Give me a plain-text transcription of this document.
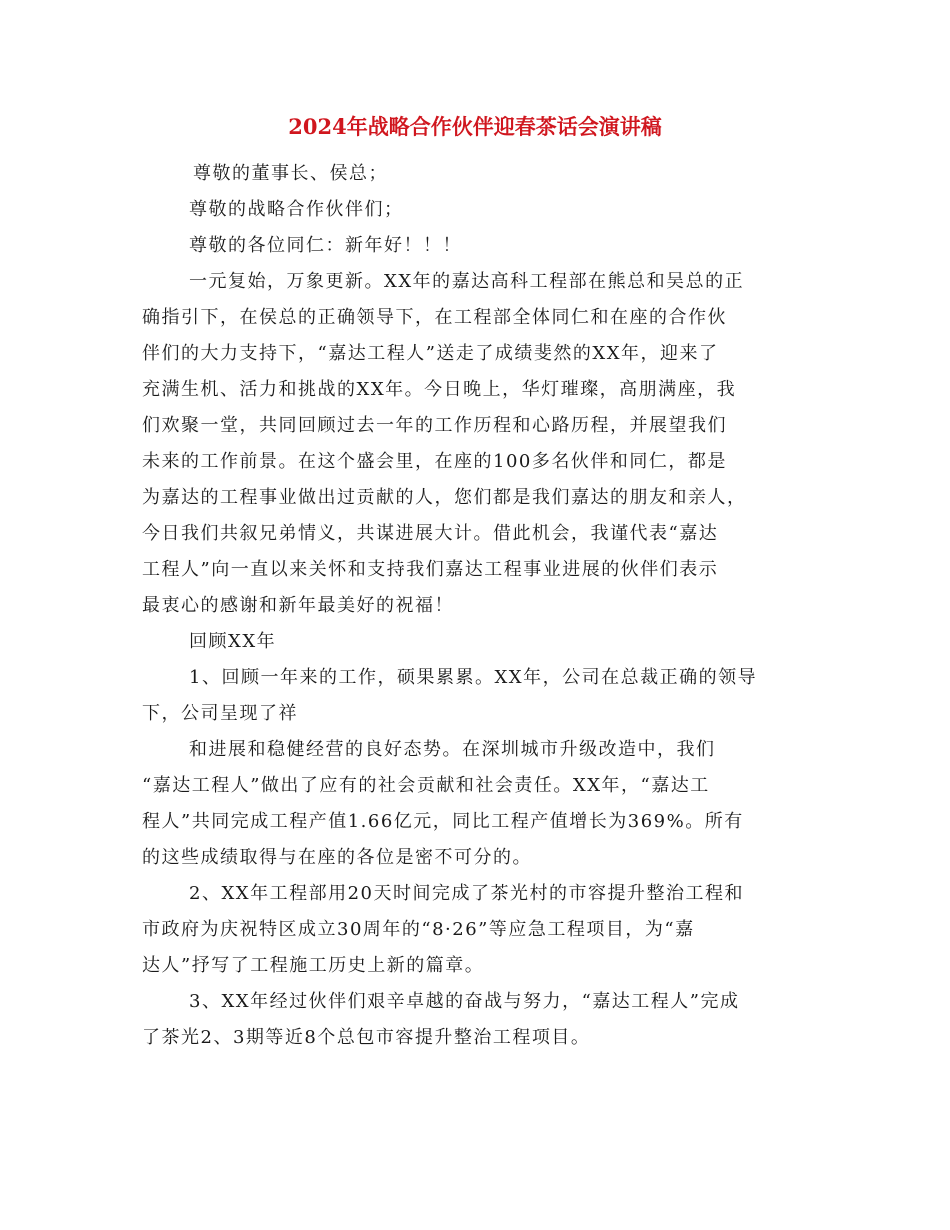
2024年战略合作伙伴迎春茶话会演讲稿
尊敬的董事长、侯总；
尊敬的战略合作伙伴们；
尊敬的各位同仁：新年好！！！
一元复始，万象更新。XX年的嘉达高科工程部在熊总和吴总的正
确指引下，在侯总的正确领导下，在工程部全体同仁和在座的合作伙
伴们的大力支持下，“嘉达工程人”送走了成绩斐然的XX年，迎来了
充满生机、活力和挑战的XX年。今日晚上，华灯璀璨，高朋满座，我
们欢聚一堂，共同回顾过去一年的工作历程和心路历程，并展望我们
未来的工作前景。在这个盛会里，在座的100多名伙伴和同仁，都是
为嘉达的工程事业做出过贡献的人，您们都是我们嘉达的朋友和亲人，
今日我们共叙兄弟情义，共谋进展大计。借此机会，我谨代表“嘉达
工程人”向一直以来关怀和支持我们嘉达工程事业进展的伙伴们表示
最衷心的感谢和新年最美好的祝福！
回顾XX年
1、回顾一年来的工作，硕果累累。XX年，公司在总裁正确的领导
下，公司呈现了祥
和进展和稳健经营的良好态势。在深圳城市升级改造中，我们
“嘉达工程人”做出了应有的社会贡献和社会责任。XX年，“嘉达工
程人”共同完成工程产值1.66亿元，同比工程产值增长为369%。所有
的这些成绩取得与在座的各位是密不可分的。
2、XX年工程部用20天时间完成了茶光村的市容提升整治工程和
市政府为庆祝特区成立30周年的“8·26”等应急工程项目，为“嘉
达人”抒写了工程施工历史上新的篇章。
3、XX年经过伙伴们艰辛卓越的奋战与努力，“嘉达工程人”完成
了茶光2、3期等近8个总包市容提升整治工程项目。
